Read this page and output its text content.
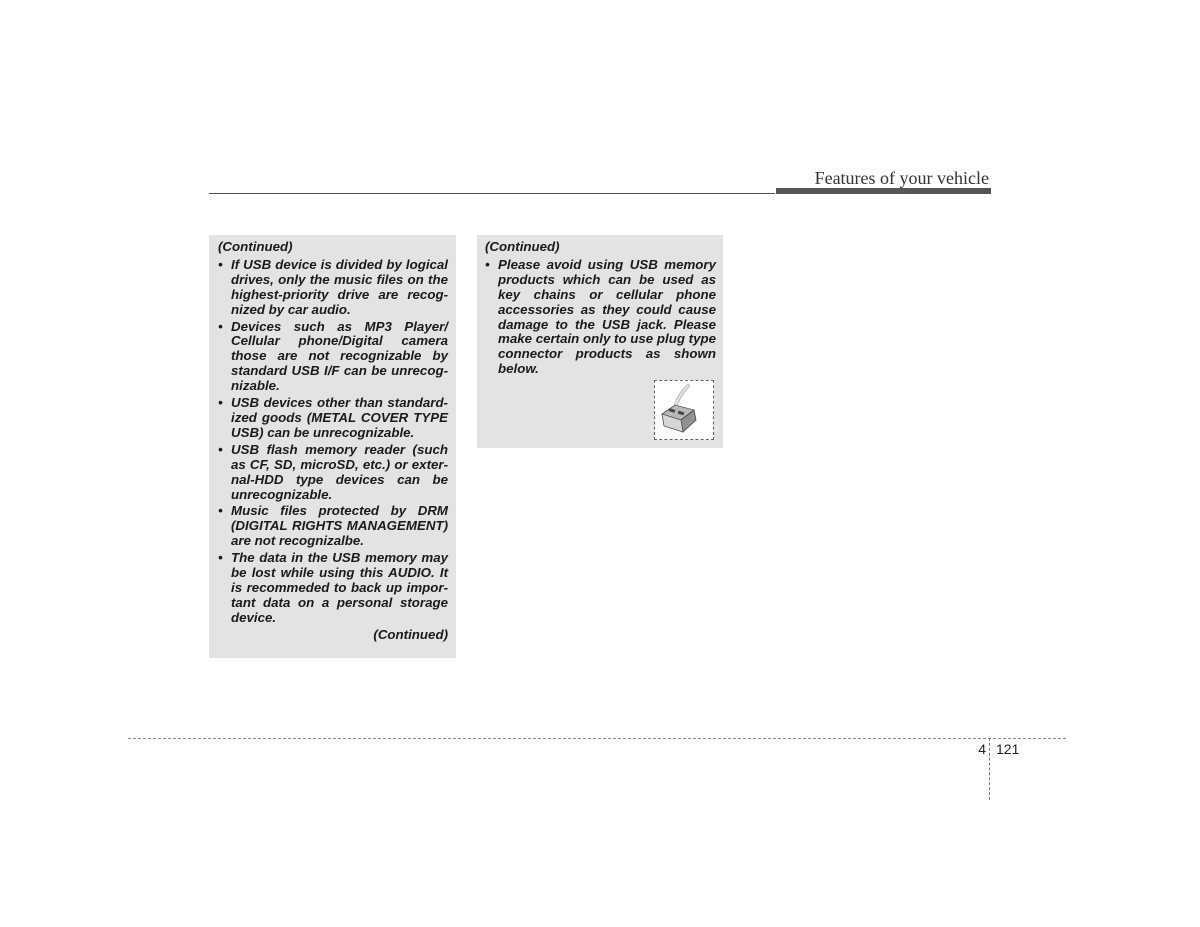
Features of your vehicle
(Continued)
• If USB device is divided by logical drives, only the music files on the highest-priority drive are recog-nized by car audio.
• Devices such as MP3 Player/ Cellular phone/Digital camera those are not recognizable by standard USB I/F can be unrecog-nizable.
• USB devices other than standard-ized goods (METAL COVER TYPE USB) can be unrecognizable.
• USB flash memory reader (such as CF, SD, microSD, etc.) or exter-nal-HDD type devices can be unrecognizable.
• Music files protected by DRM (DIGITAL RIGHTS MANAGEMENT) are not recognizalbe.
• The data in the USB memory may be lost while using this AUDIO. It is recommeded to back up impor-tant data on a personal storage device.
(Continued)
(Continued)
• Please avoid using USB memory products which can be used as key chains or cellular phone accessories as they could cause damage to the USB jack. Please make certain only to use plug type connector products as shown below.
4 121
